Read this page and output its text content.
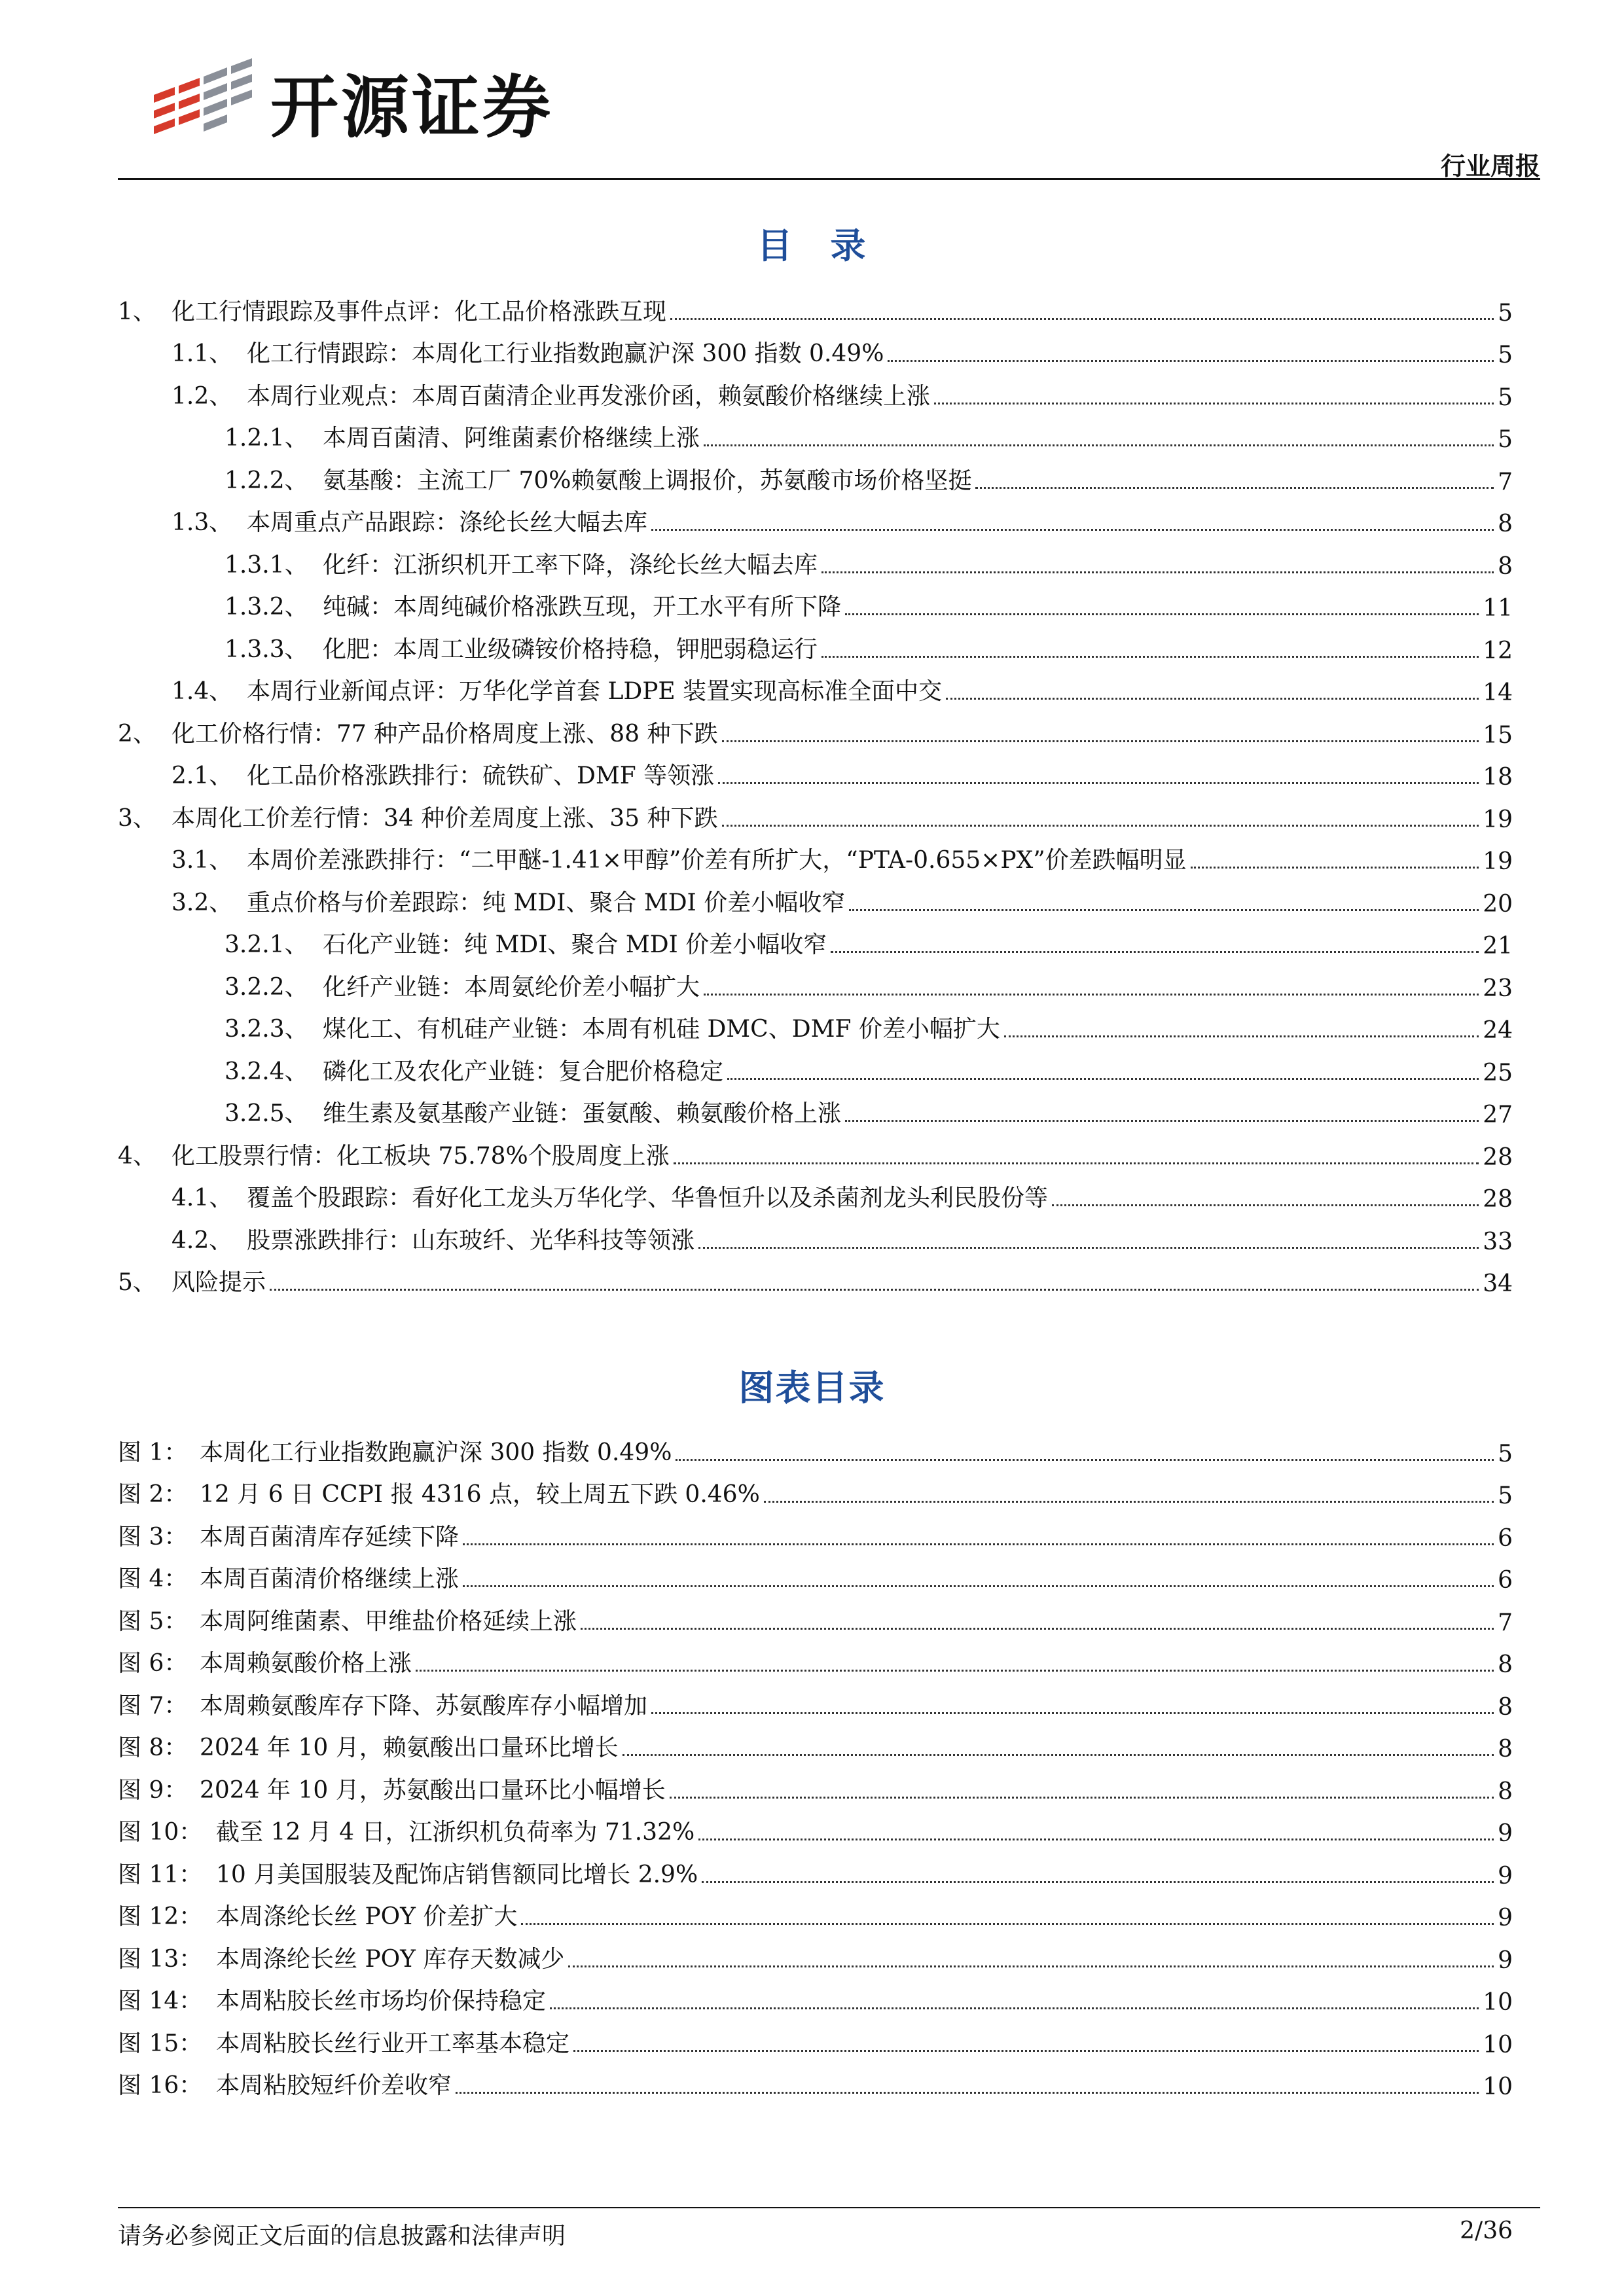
开源证券
行业周报
目　录
1、 化工行情跟踪及事件点评：化工品价格涨跌互现	5
1.1、 化工行情跟踪：本周化工行业指数跑赢沪深 300 指数 0.49%	5
1.2、 本周行业观点：本周百菌清企业再发涨价函，赖氨酸价格继续上涨	5
1.2.1、 本周百菌清、阿维菌素价格继续上涨	5
1.2.2、 氨基酸：主流工厂 70%赖氨酸上调报价，苏氨酸市场价格坚挺	7
1.3、 本周重点产品跟踪：涤纶长丝大幅去库	8
1.3.1、 化纤：江浙织机开工率下降，涤纶长丝大幅去库	8
1.3.2、 纯碱：本周纯碱价格涨跌互现，开工水平有所下降	11
1.3.3、 化肥：本周工业级磷铵价格持稳，钾肥弱稳运行	12
1.4、 本周行业新闻点评：万华化学首套 LDPE 装置实现高标准全面中交	14
2、 化工价格行情：77 种产品价格周度上涨、88 种下跌	15
2.1、 化工品价格涨跌排行：硫铁矿、DMF 等领涨	18
3、 本周化工价差行情：34 种价差周度上涨、35 种下跌	19
3.1、 本周价差涨跌排行：“二甲醚-1.41×甲醇”价差有所扩大，“PTA-0.655×PX”价差跌幅明显	19
3.2、 重点价格与价差跟踪：纯 MDI、聚合 MDI 价差小幅收窄	20
3.2.1、 石化产业链：纯 MDI、聚合 MDI 价差小幅收窄	21
3.2.2、 化纤产业链：本周氨纶价差小幅扩大	23
3.2.3、 煤化工、有机硅产业链：本周有机硅 DMC、DMF 价差小幅扩大	24
3.2.4、 磷化工及农化产业链：复合肥价格稳定	25
3.2.5、 维生素及氨基酸产业链：蛋氨酸、赖氨酸价格上涨	27
4、 化工股票行情：化工板块 75.78%个股周度上涨	28
4.1、 覆盖个股跟踪：看好化工龙头万华化学、华鲁恒升以及杀菌剂龙头利民股份等	28
4.2、 股票涨跌排行：山东玻纤、光华科技等领涨	33
5、 风险提示	34
图表目录
图 1： 本周化工行业指数跑赢沪深 300 指数 0.49%	5
图 2： 12 月 6 日 CCPI 报 4316 点，较上周五下跌 0.46%	5
图 3： 本周百菌清库存延续下降	6
图 4： 本周百菌清价格继续上涨	6
图 5： 本周阿维菌素、甲维盐价格延续上涨	7
图 6： 本周赖氨酸价格上涨	8
图 7： 本周赖氨酸库存下降、苏氨酸库存小幅增加	8
图 8： 2024 年 10 月，赖氨酸出口量环比增长	8
图 9： 2024 年 10 月，苏氨酸出口量环比小幅增长	8
图 10： 截至 12 月 4 日，江浙织机负荷率为 71.32%	9
图 11： 10 月美国服装及配饰店销售额同比增长 2.9%	9
图 12： 本周涤纶长丝 POY 价差扩大	9
图 13： 本周涤纶长丝 POY 库存天数减少	9
图 14： 本周粘胶长丝市场均价保持稳定	10
图 15： 本周粘胶长丝行业开工率基本稳定	10
图 16： 本周粘胶短纤价差收窄	10
请务必参阅正文后面的信息披露和法律声明	2/36
